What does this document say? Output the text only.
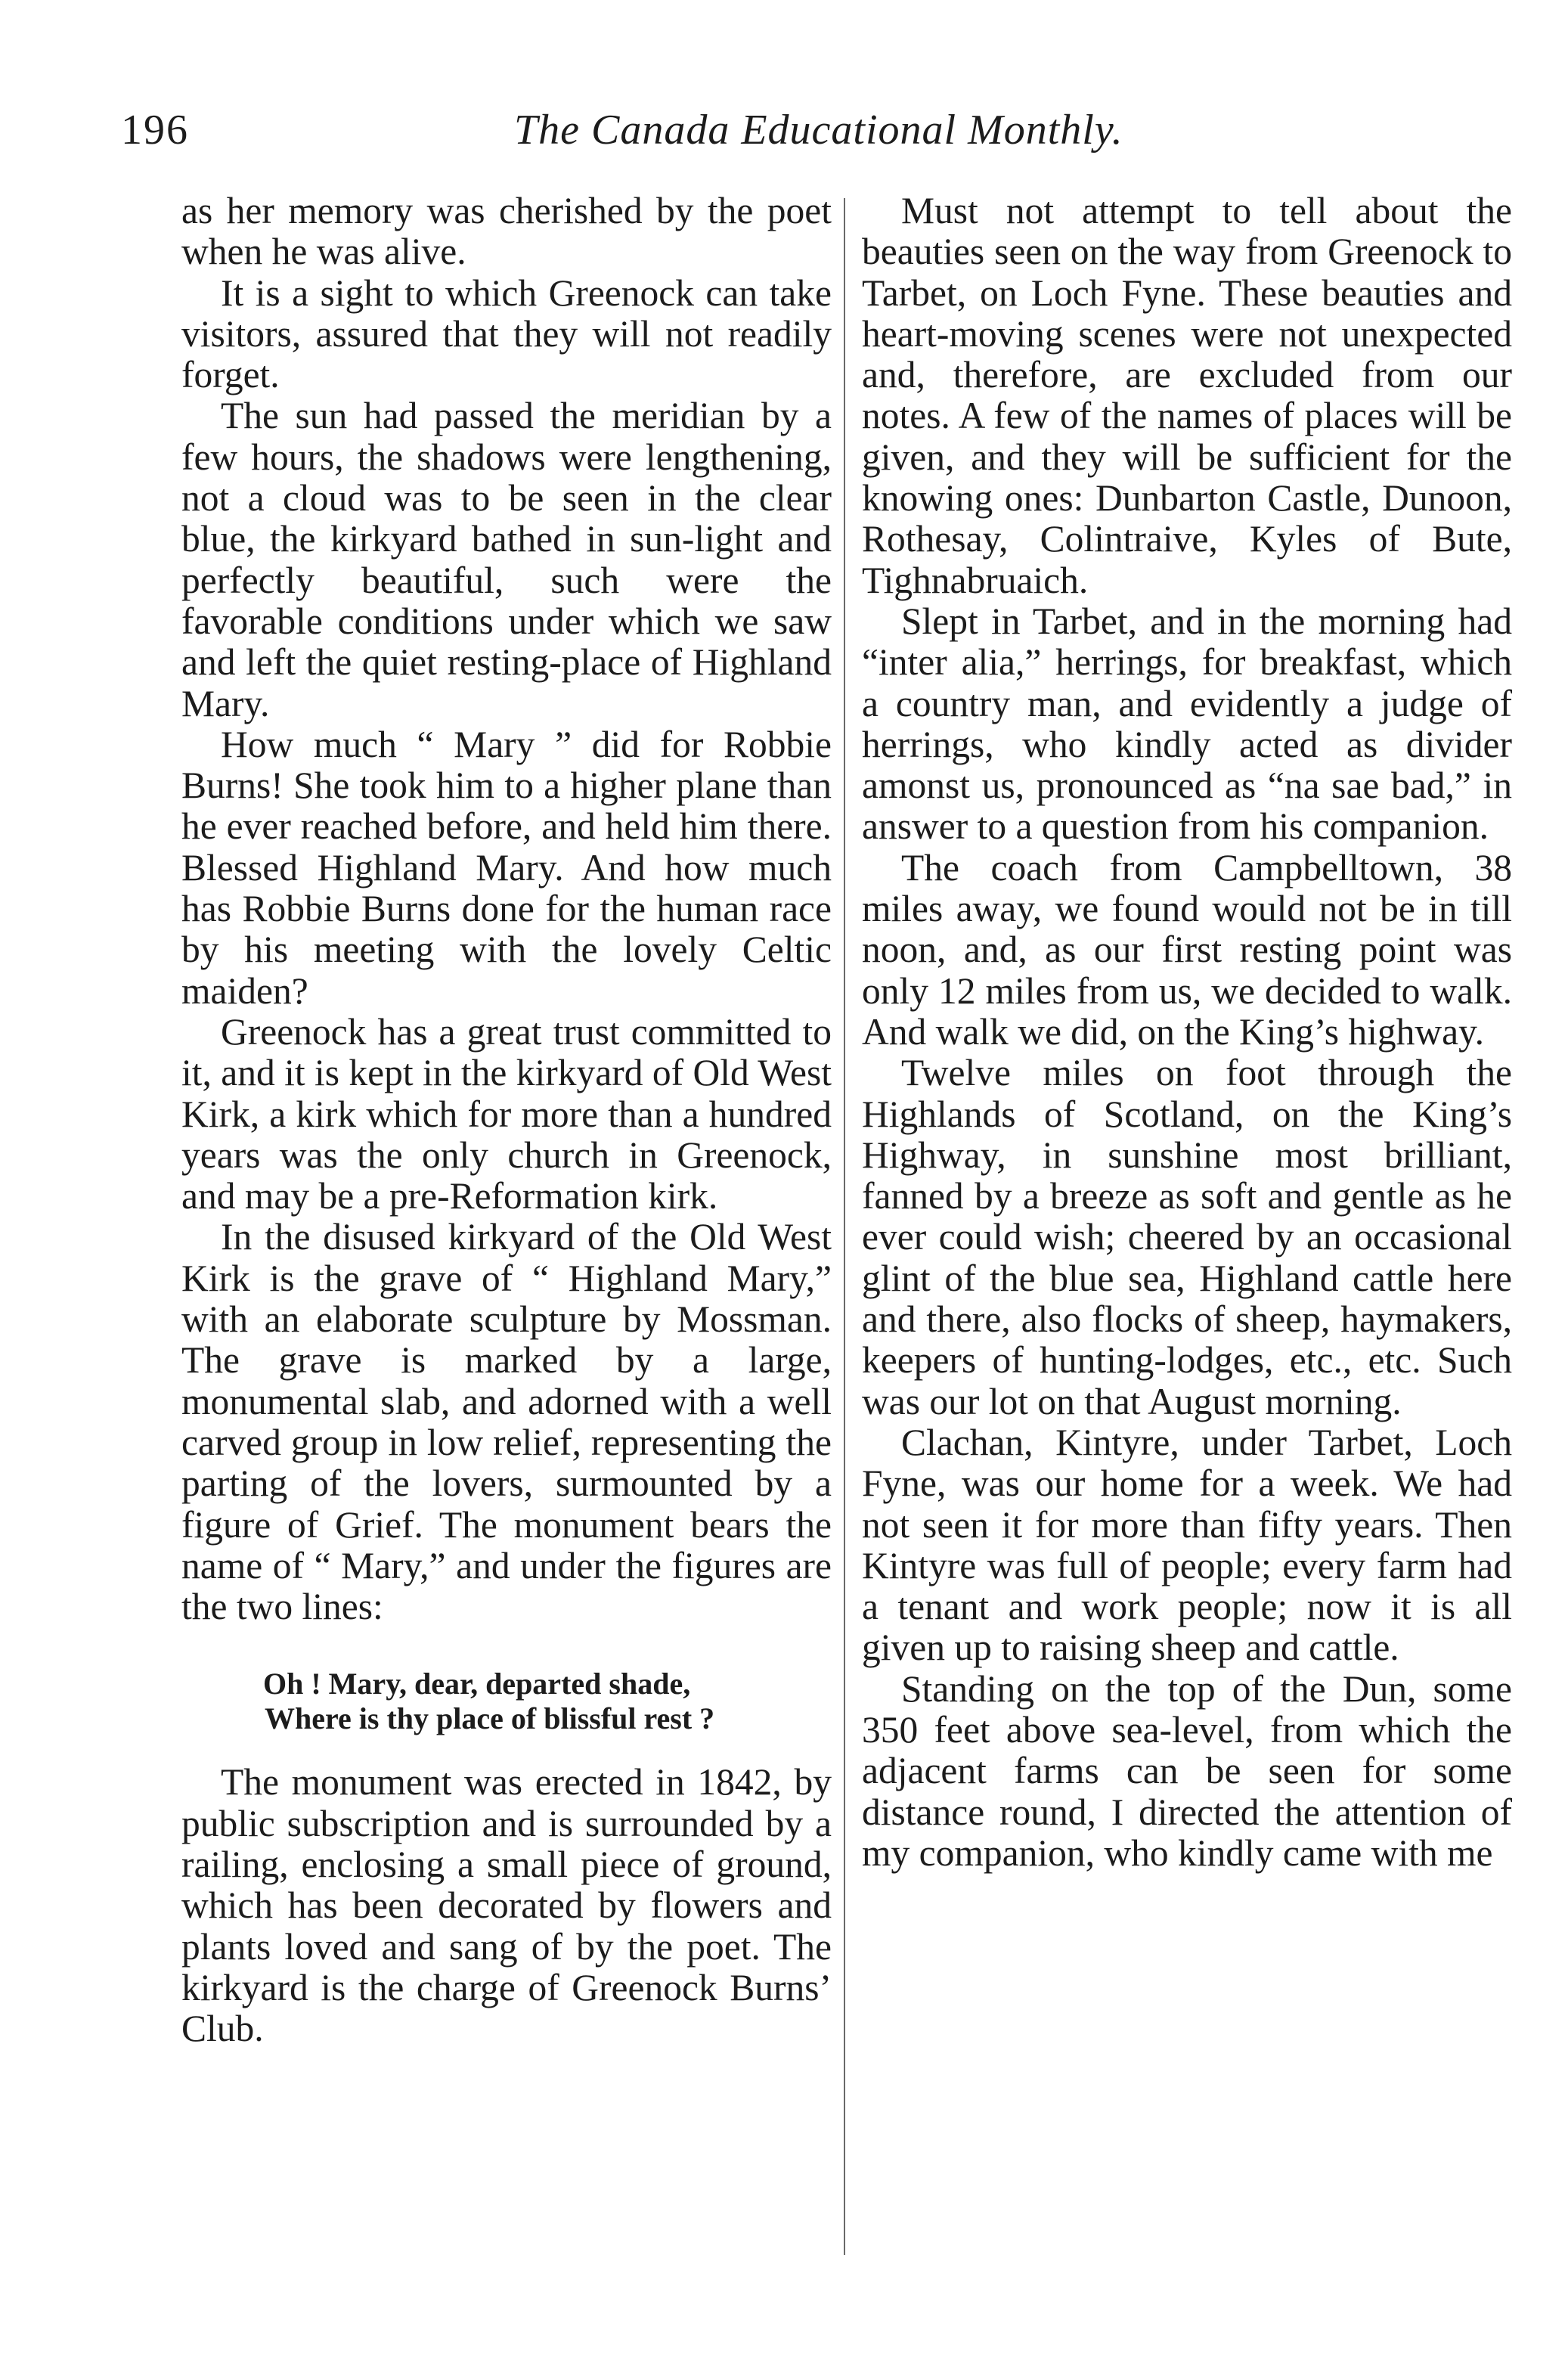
196	The Canada Educational Monthly.

as her memory was cherished by the poet when he was alive.

It is a sight to which Greenock can take visitors, assured that they will not readily forget.

The sun had passed the meridian by a few hours, the shadows were lengthening, not a cloud was to be seen in the clear blue, the kirkyard bathed in sun-light and perfectly beautiful, such were the favorable conditions under which we saw and left the quiet resting-place of Highland Mary.

How much “ Mary ” did for Robbie Burns! She took him to a higher plane than he ever reached before, and held him there. Blessed Highland Mary. And how much has Robbie Burns done for the human race by his meeting with the lovely Celtic maiden?

Greenock has a great trust committed to it, and it is kept in the kirkyard of Old West Kirk, a kirk which for more than a hundred years was the only church in Greenock, and may be a pre-Reformation kirk.

In the disused kirkyard of the Old West Kirk is the grave of “ Highland Mary,” with an elaborate sculpture by Mossman. The grave is marked by a large, monumental slab, and adorned with a well carved group in low relief, representing the parting of the lovers, surmounted by a figure of Grief. The monument bears the name of “ Mary,” and under the figures are the two lines:

Oh ! Mary, dear, departed shade,
Where is thy place of blissful rest ?

The monument was erected in 1842, by public subscription and is surrounded by a railing, enclosing a small piece of ground, which has been decorated by flowers and plants loved and sang of by the poet. The kirkyard is the charge of Greenock Burns’ Club.

Must not attempt to tell about the beauties seen on the way from Greenock to Tarbet, on Loch Fyne. These beauties and heart-moving scenes were not unexpected and, therefore, are excluded from our notes. A few of the names of places will be given, and they will be sufficient for the knowing ones: Dunbarton Castle, Dunoon, Rothesay, Colintraive, Kyles of Bute, Tighnabruaich.

Slept in Tarbet, and in the morning had “inter alia,” herrings, for breakfast, which a country man, and evidently a judge of herrings, who kindly acted as divider amonst us, pronounced as “na sae bad,” in answer to a question from his companion.

The coach from Campbelltown, 38 miles away, we found would not be in till noon, and, as our first resting point was only 12 miles from us, we decided to walk. And walk we did, on the King’s highway.

Twelve miles on foot through the Highlands of Scotland, on the King’s Highway, in sunshine most brilliant, fanned by a breeze as soft and gentle as he ever could wish; cheered by an occasional glint of the blue sea, Highland cattle here and there, also flocks of sheep, haymakers, keepers of hunting-lodges, etc., etc. Such was our lot on that August morning.

Clachan, Kintyre, under Tarbet, Loch Fyne, was our home for a week. We had not seen it for more than fifty years. Then Kintyre was full of people; every farm had a tenant and work people; now it is all given up to raising sheep and cattle.

Standing on the top of the Dun, some 350 feet above sea-level, from which the adjacent farms can be seen for some distance round, I directed the attention of my companion, who kindly came with me
